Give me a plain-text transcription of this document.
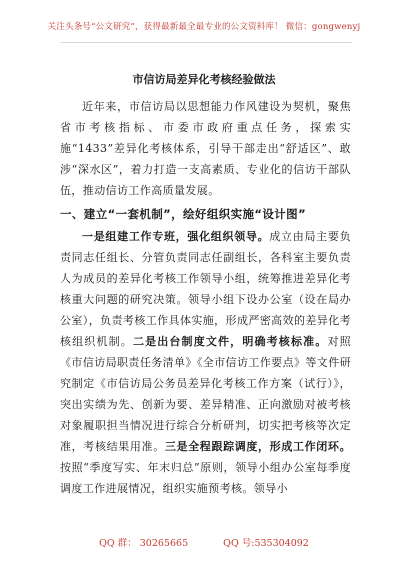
关注头条号“公文研究”，获得最新最全最专业的公文资料库！ 微信：gongwenyj
市信访局差异化考核经验做法
近年来，市信访局以思想能力作风建设为契机，聚焦省市考核指标、市委市政府重点任务，探索实施“1433”差异化考核体系，引导干部走出“舒适区”、敢涉“深水区”，着力打造一支高素质、专业化的信访干部队伍，推动信访工作高质量发展。
一、建立“一套机制”，绘好组织实施“设计图”
一是组建工作专班，强化组织领导。成立由局主要负责同志任组长、分管负责同志任副组长，各科室主要负责人为成员的差异化考核工作领导小组，统筹推进差异化考核重大问题的研究决策。领导小组下设办公室（设在局办公室），负责考核工作具体实施，形成严密高效的差异化考核组织机制。二是出台制度文件，明确考核标准。对照《市信访局职责任务清单》《全市信访工作要点》等文件研究制定《市信访局公务员差异化考核工作方案（试行）》，突出实绩为先、创新为要、差异精准、正向激励对被考核对象履职担当情况进行综合分析研判，切实把考核等次定准，考核结果用准。三是全程跟踪调度，形成工作闭环。按照“季度写实、年末归总”原则，领导小组办公室每季度调度工作进展情况，组织实施预考核。领导小
QQ 群： 30265665	QQ 号:535304092
